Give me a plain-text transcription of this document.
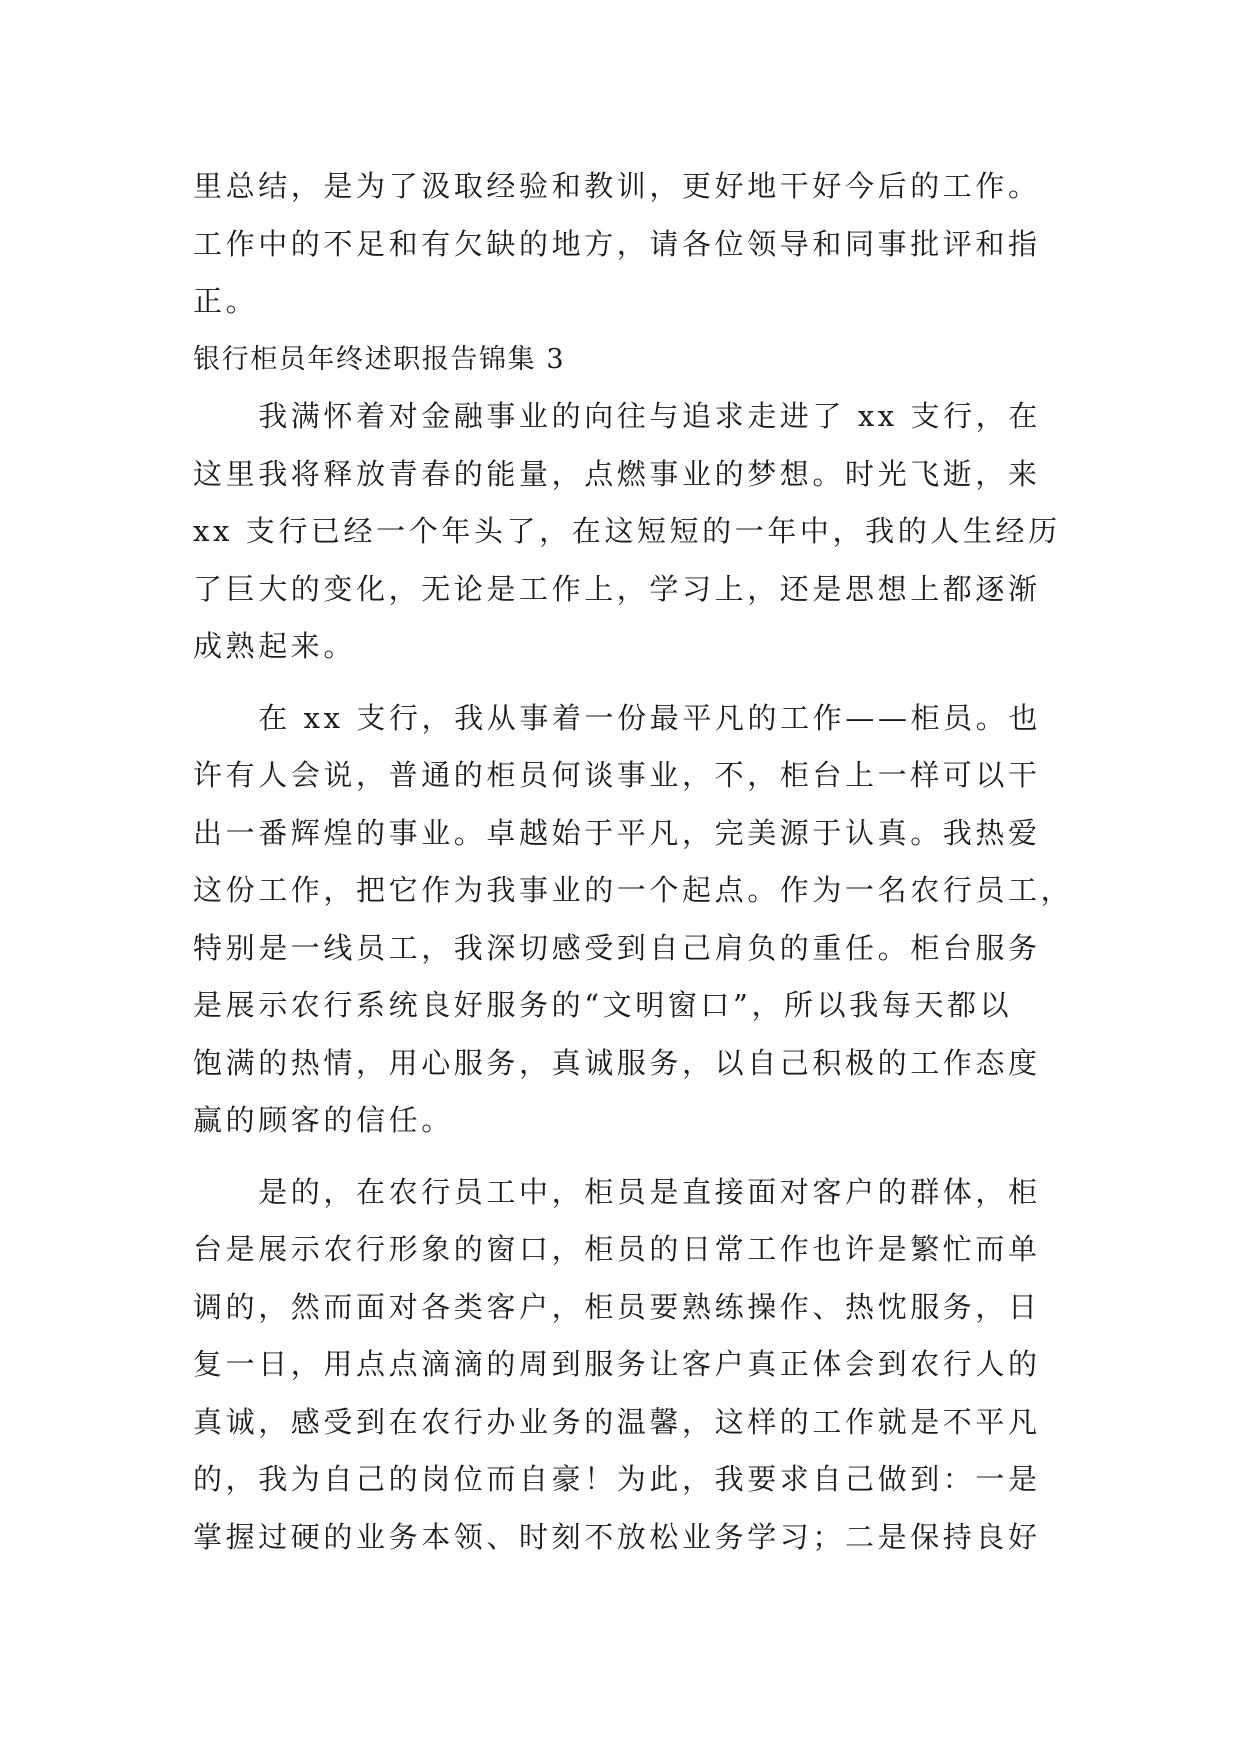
里总结，是为了汲取经验和教训，更好地干好今后的工作。
工作中的不足和有欠缺的地方，请各位领导和同事批评和指
正。
银行柜员年终述职报告锦集 3
　　我满怀着对金融事业的向往与追求走进了 xx 支行，在
这里我将释放青春的能量，点燃事业的梦想。时光飞逝，来
xx 支行已经一个年头了，在这短短的一年中，我的人生经历
了巨大的变化，无论是工作上，学习上，还是思想上都逐渐
成熟起来。
　　在 xx 支行，我从事着一份最平凡的工作——柜员。也
许有人会说，普通的柜员何谈事业，不，柜台上一样可以干
出一番辉煌的事业。卓越始于平凡，完美源于认真。我热爱
这份工作，把它作为我事业的一个起点。作为一名农行员工，
特别是一线员工，我深切感受到自己肩负的重任。柜台服务
是展示农行系统良好服务的“文明窗口”，所以我每天都以
饱满的热情，用心服务，真诚服务，以自己积极的工作态度
赢的顾客的信任。
　　是的，在农行员工中，柜员是直接面对客户的群体，柜
台是展示农行形象的窗口，柜员的日常工作也许是繁忙而单
调的，然而面对各类客户，柜员要熟练操作、热忱服务，日
复一日，用点点滴滴的周到服务让客户真正体会到农行人的
真诚，感受到在农行办业务的温馨，这样的工作就是不平凡
的，我为自己的岗位而自豪！为此，我要求自己做到：一是
掌握过硬的业务本领、时刻不放松业务学习；二是保持良好
